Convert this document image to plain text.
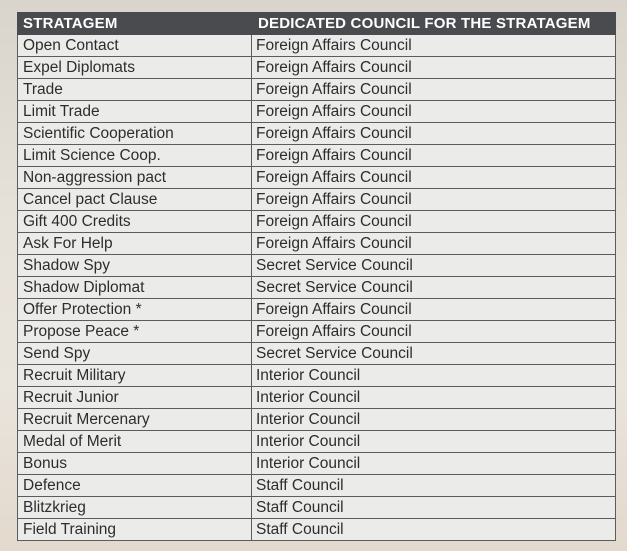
STRATAGEM	DEDICATED COUNCIL FOR THE STRATAGEM
Open Contact	Foreign Affairs Council
Expel Diplomats	Foreign Affairs Council
Trade	Foreign Affairs Council
Limit Trade	Foreign Affairs Council
Scientific Cooperation	Foreign Affairs Council
Limit Science Coop.	Foreign Affairs Council
Non-aggression pact	Foreign Affairs Council
Cancel pact Clause	Foreign Affairs Council
Gift 400 Credits	Foreign Affairs Council
Ask For Help	Foreign Affairs Council
Shadow Spy	Secret Service Council
Shadow Diplomat	Secret Service Council
Offer Protection *	Foreign Affairs Council
Propose Peace *	Foreign Affairs Council
Send Spy	Secret Service Council
Recruit Military	Interior Council
Recruit Junior	Interior Council
Recruit Mercenary	Interior Council
Medal of Merit	Interior Council
Bonus	Interior Council
Defence	Staff Council
Blitzkrieg	Staff Council
Field Training	Staff Council
